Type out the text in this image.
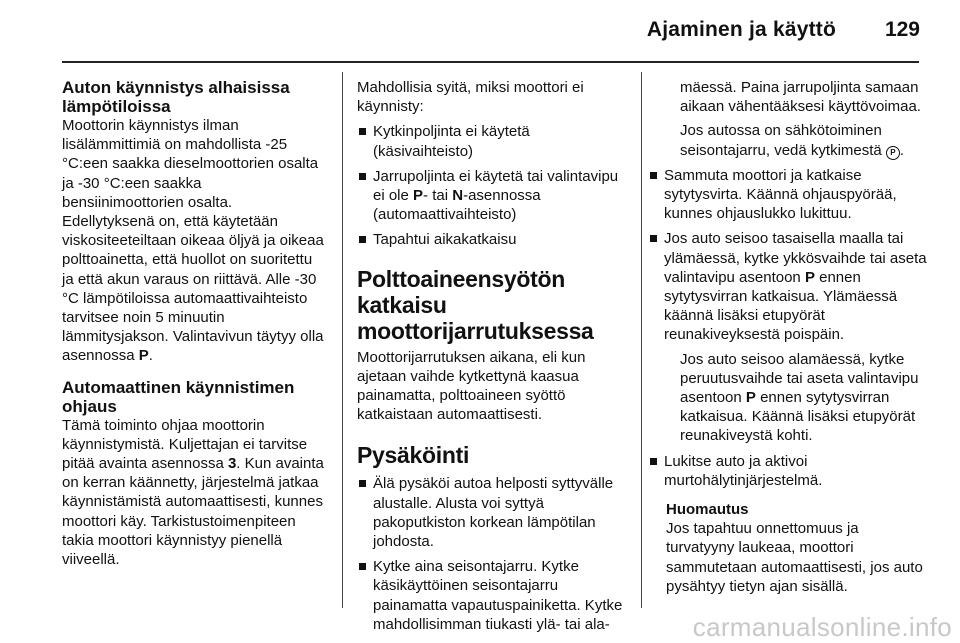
Ajaminen ja käyttö 129
Auton käynnistys alhaisissa lämpötiloissa

Moottorin käynnistys ilman lisälämmittimiä on mahdollista -25 °C:een saakka dieselmoottorien osalta ja -30 °C:een saakka bensiinimoottorien osalta. Edellytyksenä on, että käytetään viskositeeteiltaan oikeaa öljyä ja oikeaa polttoainetta, että huollot on suoritettu ja että akun varaus on riittävä. Alle -30 °C lämpötiloissa automaattivaihteisto tarvitsee noin 5 minuutin lämmitysjakson. Valintavivun täytyy olla asennossa P.

Automaattinen käynnistimen ohjaus

Tämä toiminto ohjaa moottorin käynnistymistä. Kuljettajan ei tarvitse pitää avainta asennossa 3. Kun avainta on kerran käännetty, järjestelmä jatkaa käynnistämistä automaattisesti, kunnes moottori käy. Tarkistustoimenpiteen takia moottori käynnistyy pienellä viiveellä.

Mahdollisia syitä, miksi moottori ei käynnisty:

Kytkinpoljinta ei käytetä (käsivaihteisto)
Jarrupoljinta ei käytetä tai valintavipu ei ole P- tai N-asennossa (automaattivaihteisto)
Tapahtui aikakatkaisu
Polttoaineensyötön katkaisu moottorijarrutuksessa

Moottorijarrutuksen aikana, eli kun ajetaan vaihde kytkettynä kaasua painamatta, polttoaineen syöttö katkaistaan automaattisesti.

Pysäköinti
Älä pysäköi autoa helposti syttyvälle alustalle. Alusta voi syttyä pakoputkiston korkean lämpötilan johdosta.
Kytke aina seisontajarru. Kytke käsikäyttöinen seisontajarru painamatta vapautuspainiketta. Kytke mahdollisimman tiukasti ylä- tai ala-

mäessä. Paina jarrupoljinta samaan aikaan vähentääksesi käyttövoimaa.

Jos autossa on sähkötoiminen seisontajarru, vedä kytkimestä P .

Sammuta moottori ja katkaise sytytysvirta. Käännä ohjauspyörää, kunnes ohjauslukko lukittuu.
Jos auto seisoo tasaisella maalla tai ylämäessä, kytke ykkösvaihde tai aseta valintavipu asentoon P ennen sytytysvirran katkaisua. Ylämäessä käännä lisäksi etupyörät reunakiveyksestä poispäin.

Jos auto seisoo alamäessä, kytke peruutusvaihde tai aseta valintavipu asentoon P ennen sytytysvirran katkaisua. Käännä lisäksi etupyörät reunakiveystä kohti.

Lukitse auto ja aktivoi murtohälytinjärjestelmä.

Huomautus

Jos tapahtuu onnettomuus ja turvatyyny laukeaa, moottori sammutetaan automaattisesti, jos auto pysähtyy tietyn ajan sisällä.

carmanualsonline.info
